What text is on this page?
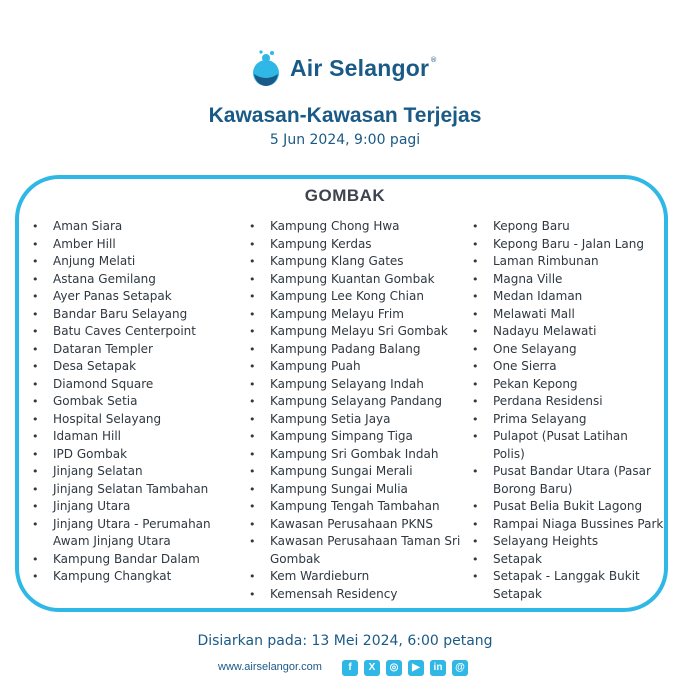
Air Selangor ®
Kawasan-Kawasan Terjejas
5 Jun 2024, 9:00 pagi
GOMBAK
• Aman Siara
• Amber Hill
• Anjung Melati
• Astana Gemilang
• Ayer Panas Setapak
• Bandar Baru Selayang
• Batu Caves Centerpoint
• Dataran Templer
• Desa Setapak
• Diamond Square
• Gombak Setia
• Hospital Selayang
• Idaman Hill
• IPD Gombak
• Jinjang Selatan
• Jinjang Selatan Tambahan
• Jinjang Utara
• Jinjang Utara - Perumahan
Awam Jinjang Utara
• Kampung Bandar Dalam
• Kampung Changkat
• Kampung Chong Hwa
• Kampung Kerdas
• Kampung Klang Gates
• Kampung Kuantan Gombak
• Kampung Lee Kong Chian
• Kampung Melayu Frim
• Kampung Melayu Sri Gombak
• Kampung Padang Balang
• Kampung Puah
• Kampung Selayang Indah
• Kampung Selayang Pandang
• Kampung Setia Jaya
• Kampung Simpang Tiga
• Kampung Sri Gombak Indah
• Kampung Sungai Merali
• Kampung Sungai Mulia
• Kampung Tengah Tambahan
• Kawasan Perusahaan PKNS
• Kawasan Perusahaan Taman Sri
Gombak
• Kem Wardieburn
• Kemensah Residency
• Kepong Baru
• Kepong Baru - Jalan Lang
• Laman Rimbunan
• Magna Ville
• Medan Idaman
• Melawati Mall
• Nadayu Melawati
• One Selayang
• One Sierra
• Pekan Kepong
• Perdana Residensi
• Prima Selayang
• Pulapot (Pusat Latihan
Polis)
• Pusat Bandar Utara (Pasar
Borong Baru)
• Pusat Belia Bukit Lagong
• Rampai Niaga Bussines Park
• Selayang Heights
• Setapak
• Setapak - Langgak Bukit
Setapak
Disiarkan pada: 13 Mei 2024, 6:00 petang
www.airselangor.com	f	X	◎	▶	in	@
